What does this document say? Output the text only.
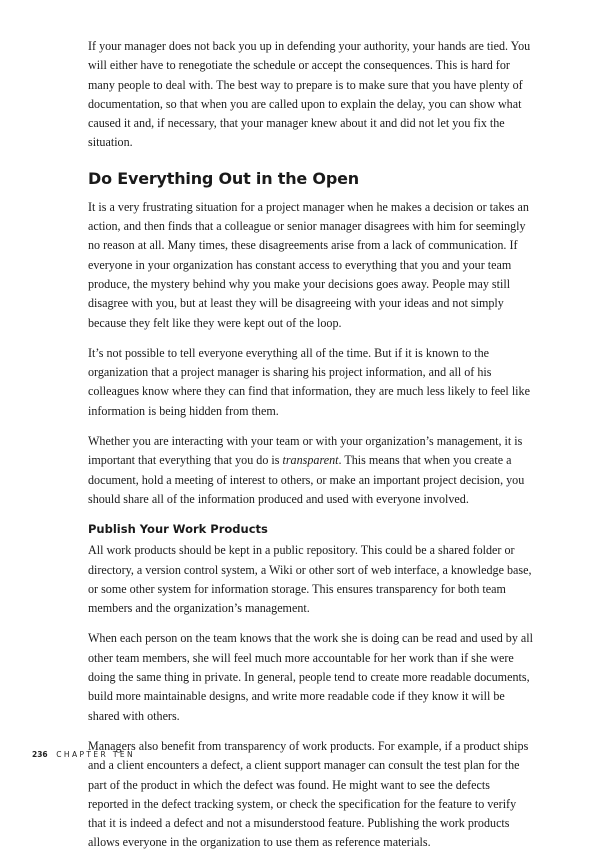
If your manager does not back you up in defending your authority, your hands are tied. You will either have to renegotiate the schedule or accept the consequences. This is hard for many people to deal with. The best way to prepare is to make sure that you have plenty of documentation, so that when you are called upon to explain the delay, you can show what caused it and, if necessary, that your manager knew about it and did not let you fix the situation.

Do Everything Out in the Open

It is a very frustrating situation for a project manager when he makes a decision or takes an action, and then finds that a colleague or senior manager disagrees with him for seemingly no reason at all. Many times, these disagreements arise from a lack of communication. If everyone in your organization has constant access to everything that you and your team produce, the mystery behind why you make your decisions goes away. People may still disagree with you, but at least they will be disagreeing with your ideas and not simply because they felt like they were kept out of the loop.

It’s not possible to tell everyone everything all of the time. But if it is known to the organization that a project manager is sharing his project information, and all of his colleagues know where they can find that information, they are much less likely to feel like information is being hidden from them.

Whether you are interacting with your team or with your organization’s management, it is important that everything that you do is transparent. This means that when you create a document, hold a meeting of interest to others, or make an important project decision, you should share all of the information produced and used with everyone involved.

Publish Your Work Products

All work products should be kept in a public repository. This could be a shared folder or directory, a version control system, a Wiki or other sort of web interface, a knowledge base, or some other system for information storage. This ensures transparency for both team members and the organization’s management.

When each person on the team knows that the work she is doing can be read and used by all other team members, she will feel much more accountable for her work than if she were doing the same thing in private. In general, people tend to create more readable documents, build more maintainable designs, and write more readable code if they know it will be shared with others.

Managers also benefit from transparency of work products. For example, if a product ships and a client encounters a defect, a client support manager can consult the test plan for the part of the product in which the defect was found. He might want to see the defects reported in the defect tracking system, or check the specification for the feature to verify that it is indeed a defect and not a misunderstood feature. Publishing the work products allows everyone in the organization to use them as reference materials.

236 CHAPTER TEN
